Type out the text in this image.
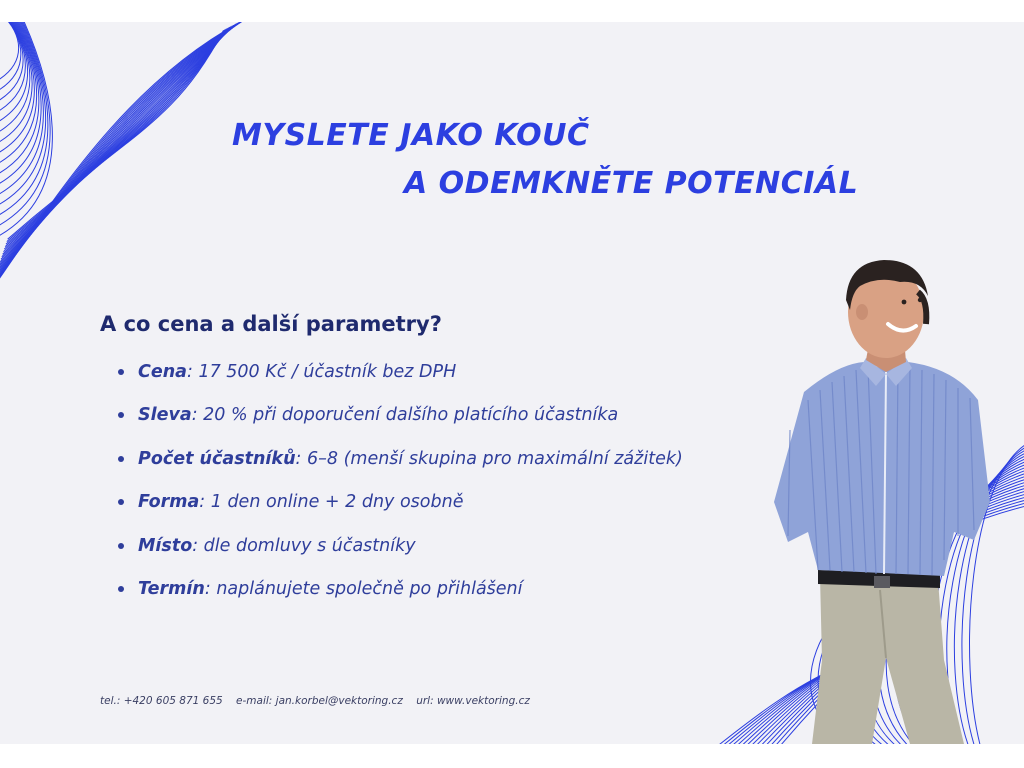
MYSLETE JAKO KOUČ
A ODEMKNĚTE POTENCIÁL
A co cena a další parametry?
Cena: 17 500 Kč / účastník bez DPH
Sleva: 20 % při doporučení dalšího platícího účastníka
Počet účastníků: 6–8 (menší skupina pro maximální zážitek)
Forma: 1 den online + 2 dny osobně
Místo: dle domluvy s účastníky
Termín: naplánujete společně po přihlášení
tel.: +420 605 871 655 e-mail: jan.korbel@vektoring.cz url: www.vektoring.cz
